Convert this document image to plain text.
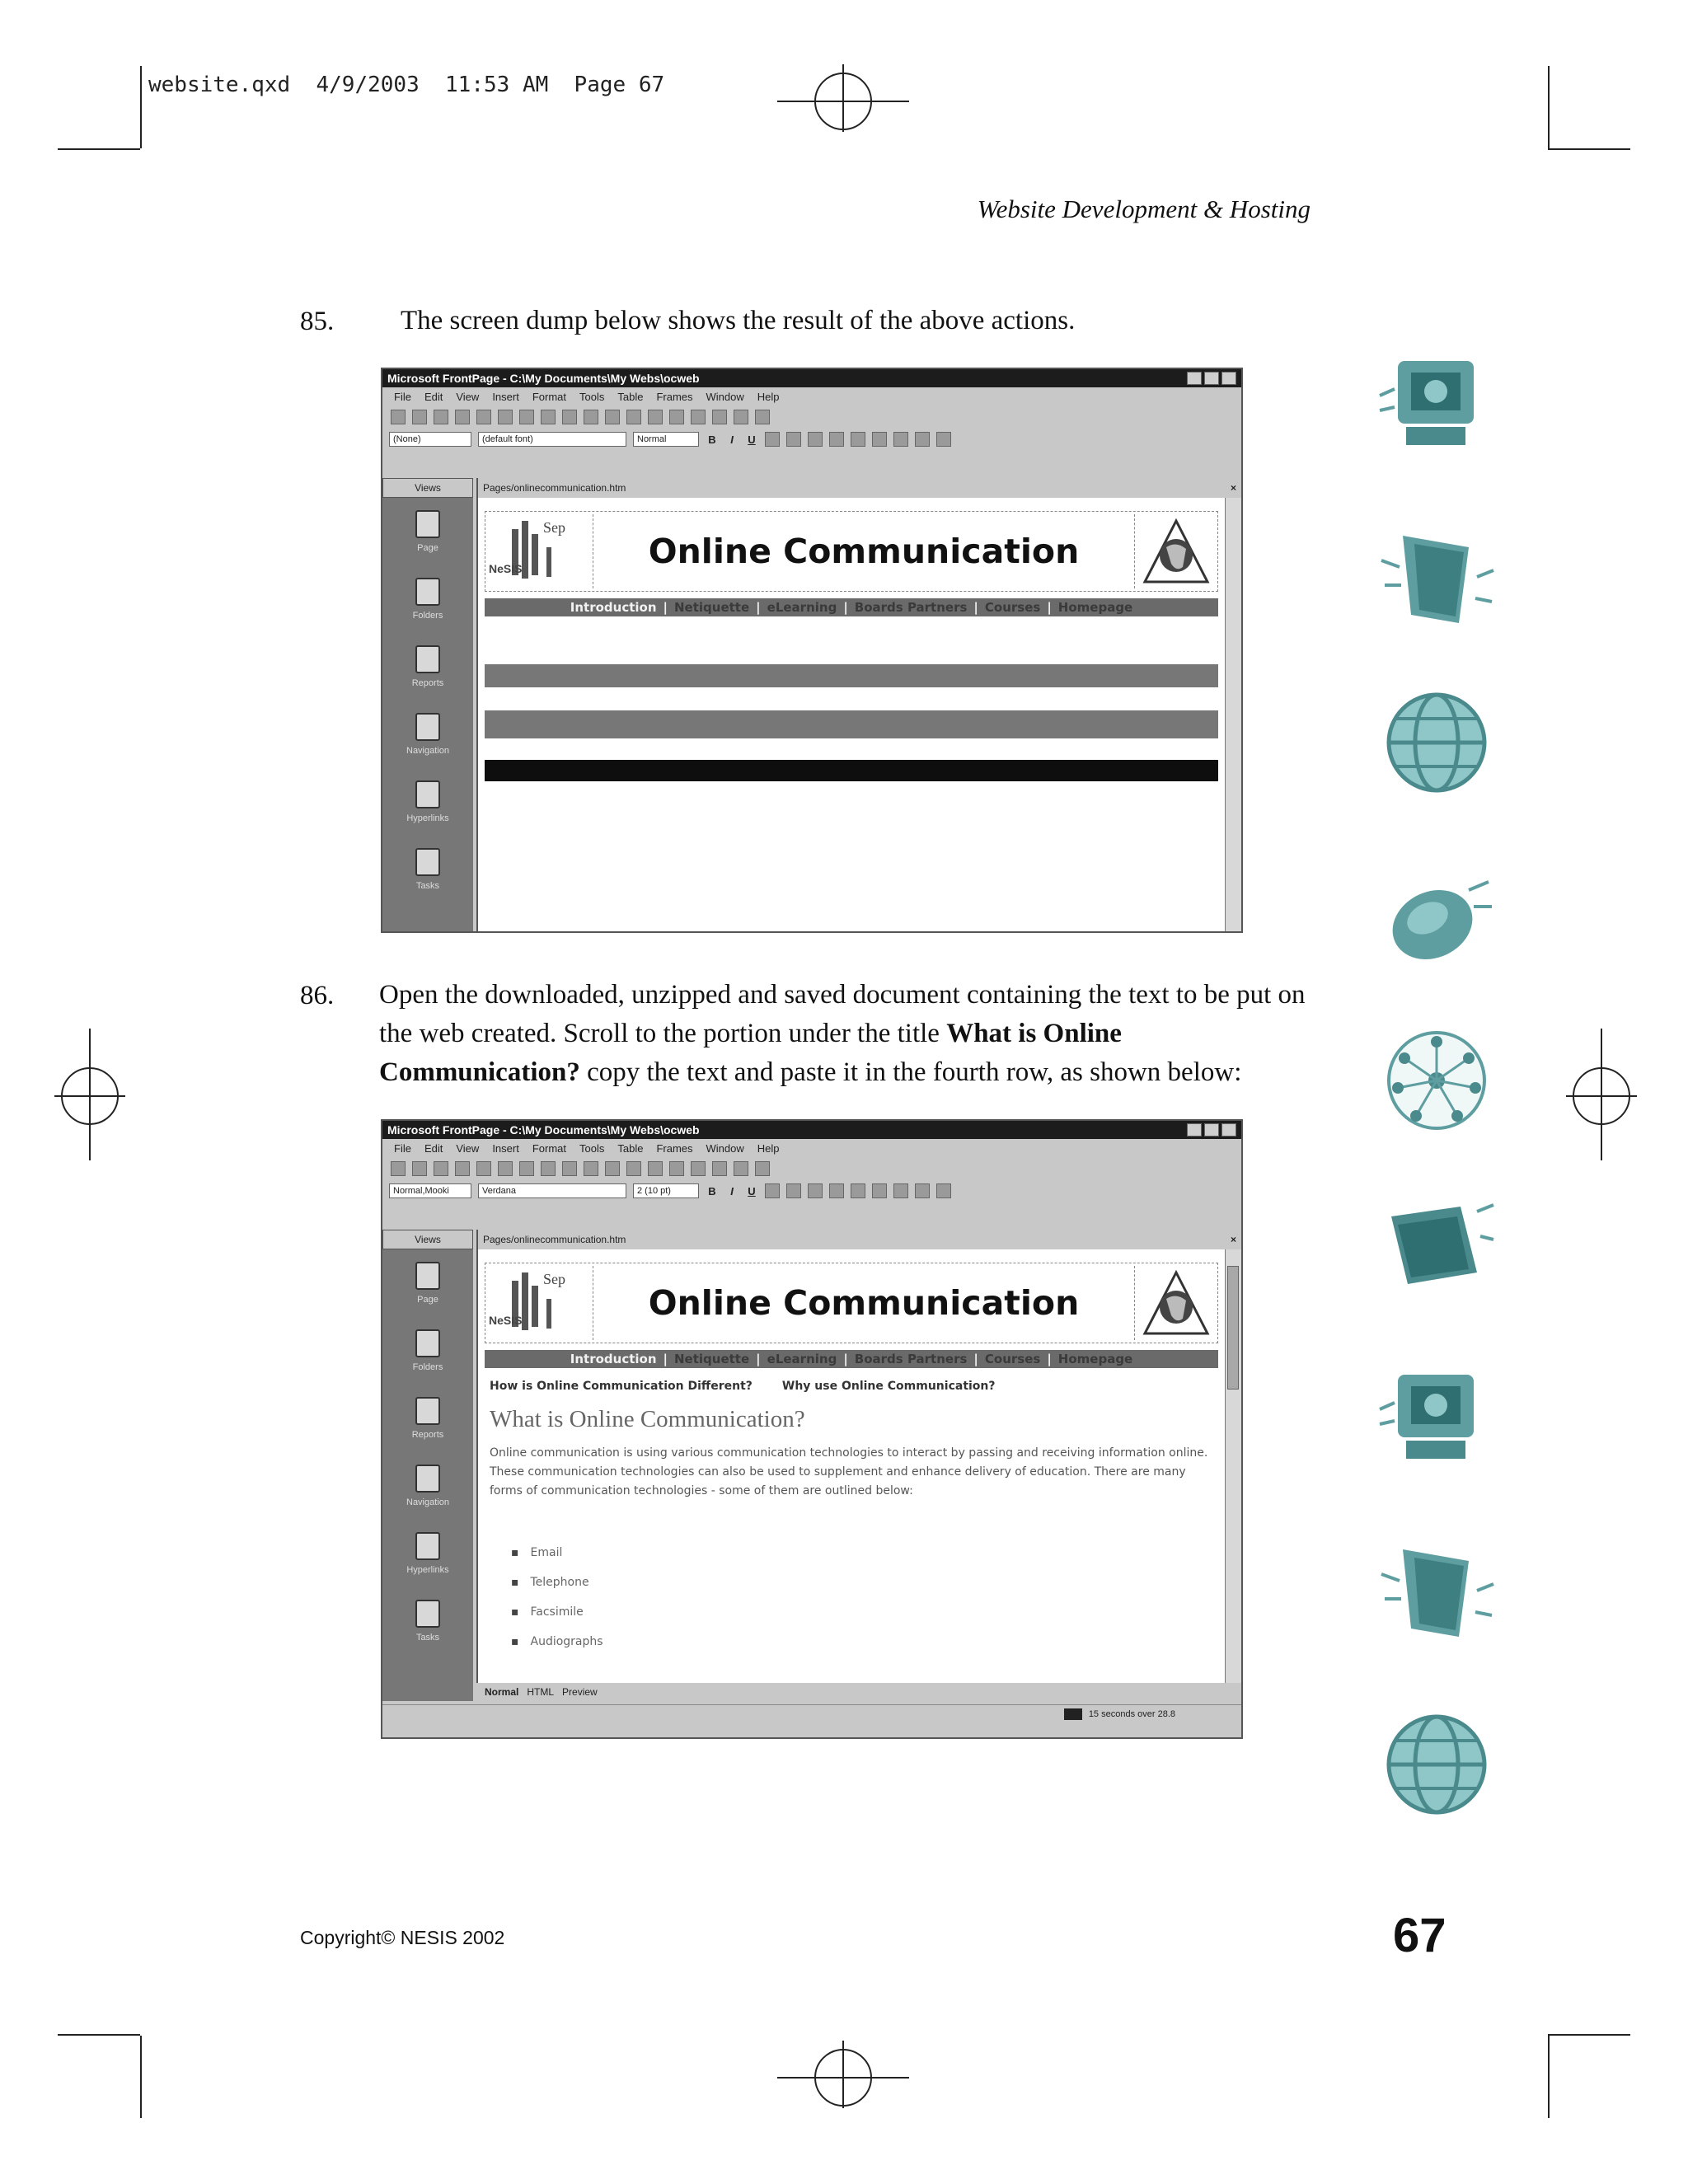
website.qxd  4/9/2003  11:53 AM  Page 67
Website Development & Hosting
85. The screen dump below shows the result of the above actions.
Microsoft FrontPage - C:\My Documents\My Webs\ocweb
File Edit View Insert Format Tools Table Frames Window Help
(None)	(default font)	Normal	B	I	U
Views
Page
Folders
Reports
Navigation
Hyperlinks
Tasks
Pages/onlinecommunication.htm	×
Sep
NeSIS	Online Communication
Introduction | Netiquette | eLearning | Boards Partners | Courses | Homepage
86. Open the downloaded, unzipped and saved document containing the text to be put on the web created. Scroll to the portion under the title What is Online Communication? copy the text and paste it in the fourth row, as shown below:
Microsoft FrontPage - C:\My Documents\My Webs\ocweb
File Edit View Insert Format Tools Table Frames Window Help
Normal,Mooki	Verdana	2 (10 pt)	B	I	U
Views
Page
Folders
Reports
Navigation
Hyperlinks
Tasks
Pages/onlinecommunication.htm	×
Sep
NeSIS	Online Communication
Introduction | Netiquette | eLearning | Boards Partners | Courses | Homepage
How is Online Communication Different?	Why use Online Communication?
What is Online Communication?
Online communication is using various communication technologies to interact by passing and receiving information online. These communication technologies can also be used to supplement and enhance delivery of education. There are many forms of communication technologies - some of them are outlined below:
▪ Email
▪ Telephone
▪ Facsimile
▪ Audiographs
Normal HTML Preview
15 seconds over 28.8
Copyright© NESIS 2002	67
